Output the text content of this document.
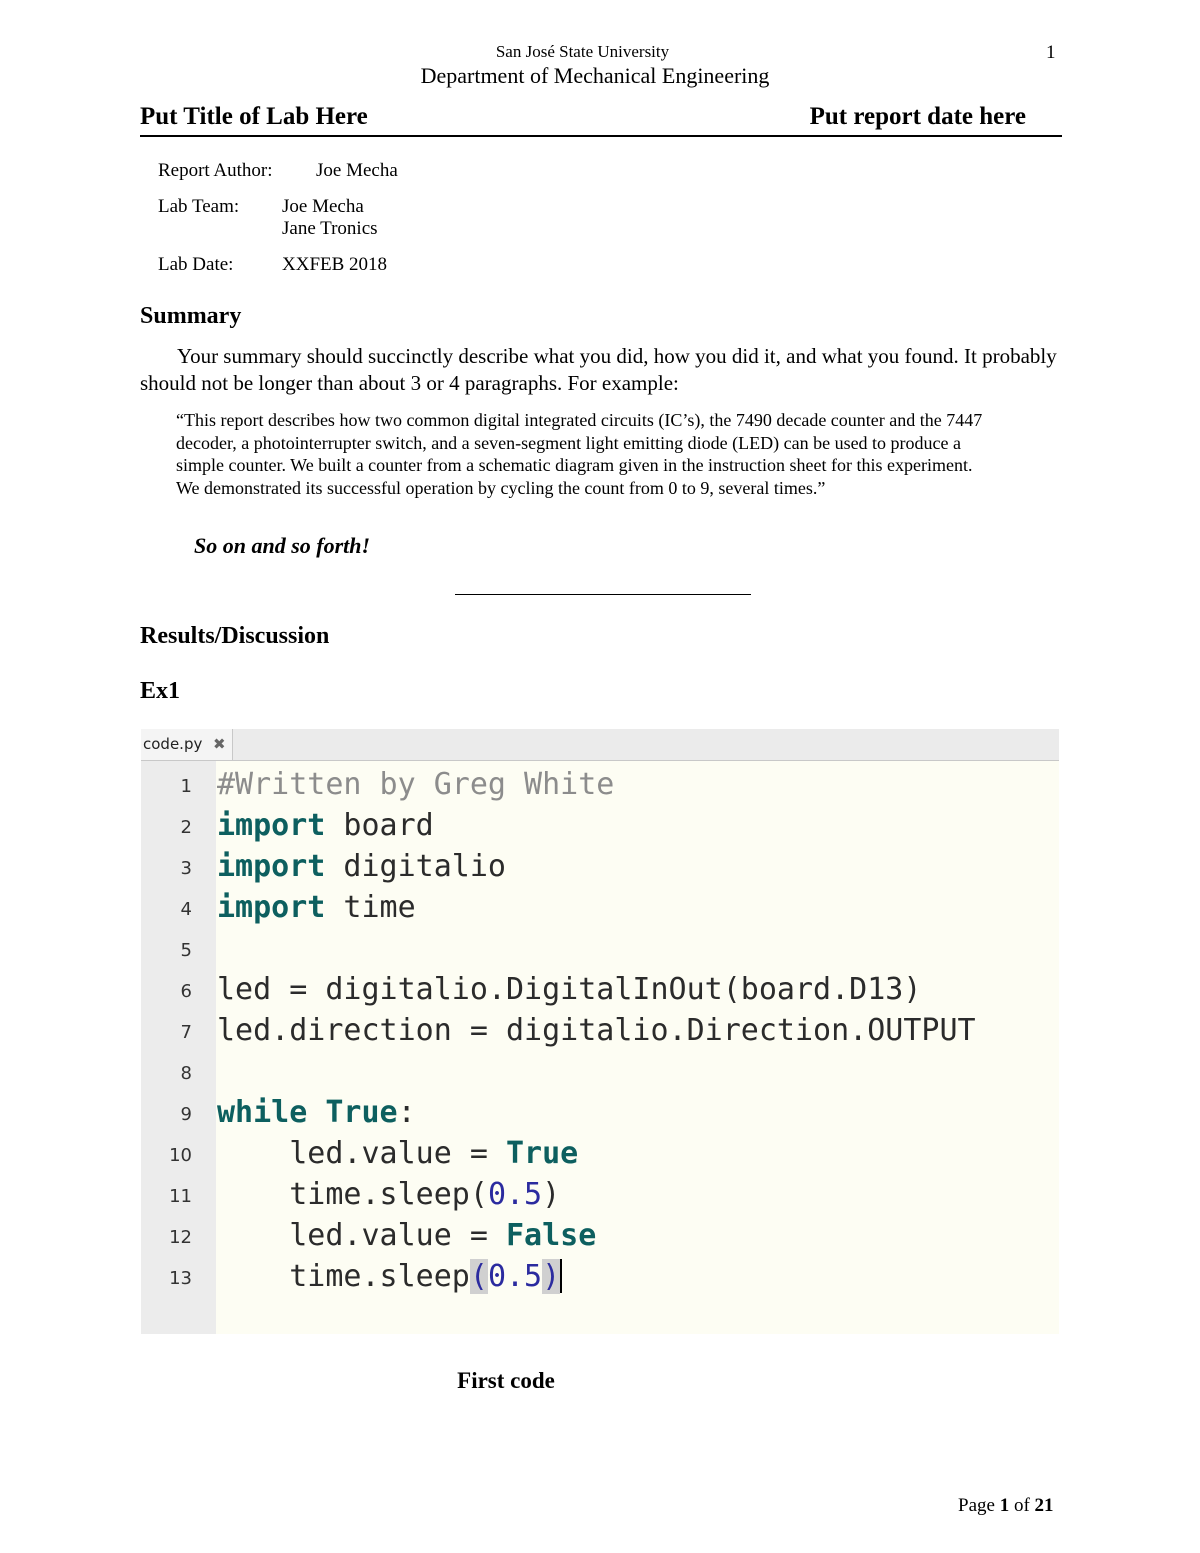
San José State University	1
Department of Mechanical Engineering
Put Title of Lab Here	Put report date here
Report Author: Joe Mecha
Lab Team: Joe Mecha
Jane Tronics
Lab Date:	XXFEB 2018
Summary
Your summary should succinctly describe what you did, how you did it, and what you found. It probably should not be longer than about 3 or 4 paragraphs. For example:
“This report describes how two common digital integrated circuits (IC’s), the 7490 decade counter and the 7447 decoder, a photointerrupter switch, and a seven-segment light emitting diode (LED) can be used to produce a simple counter. We built a counter from a schematic diagram given in the instruction sheet for this experiment. We demonstrated its successful operation by cycling the count from 0 to 9, several times.”
So on and so forth!
Results/Discussion
Ex1
code.py ✖
1 #Written by Greg White
2 import board
3 import digitalio
4 import time
5
6 led = digitalio.DigitalInOut(board.D13)
7 led.direction = digitalio.Direction.OUTPUT
8
9 while True:
10 led.value = True
11 time.sleep(0.5)
12 led.value = False
13 time.sleep(0.5)
First code
Page 1 of 21
